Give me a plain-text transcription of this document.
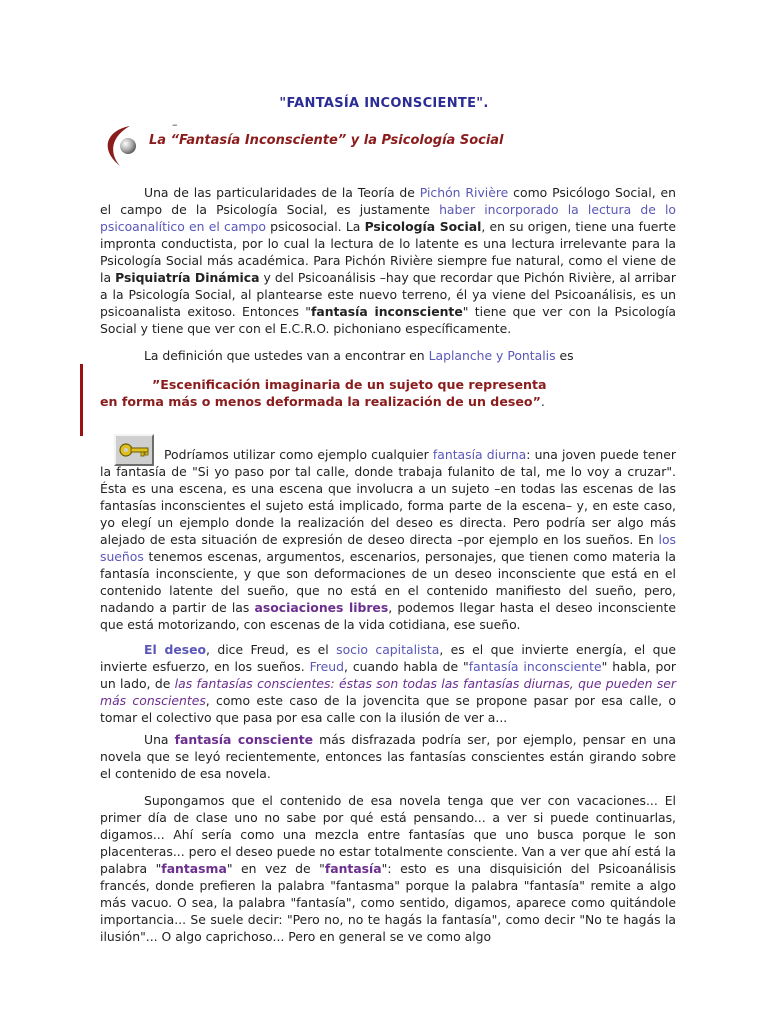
"FANTASÍA INCONSCIENTE".
–
La “Fantasía Inconsciente” y la Psicología Social

Una de las particularidades de la Teoría de Pichón Rivière como Psicólogo Social, en el campo de la Psicología Social, es justamente haber incorporado la lectura de lo psicoanalítico en el campo psicosocial. La Psicología Social, en su origen, tiene una fuerte impronta conductista, por lo cual la lectura de lo latente es una lectura irrelevante para la Psicología Social más académica. Para Pichón Rivière siempre fue natural, como el viene de la Psiquiatría Dinámica y del Psicoanálisis –hay que recordar que Pichón Rivière, al arribar a la Psicología Social, al plantearse este nuevo terreno, él ya viene del Psicoanálisis, es un psicoanalista exitoso. Entonces "fantasía inconsciente" tiene que ver con la Psicología Social y tiene que ver con el E.C.R.O. pichoniano específicamente.

La definición que ustedes van a encontrar en Laplanche y Pontalis es

”Escenificación imaginaria de un sujeto que representa
en forma más o menos deformada la realización de un deseo”.

Podríamos utilizar como ejemplo cualquier fantasía diurna: una joven puede tener la fantasía de "Si yo paso por tal calle, donde trabaja fulanito de tal, me lo voy a cruzar". Ésta es una escena, es una escena que involucra a un sujeto –en todas las escenas de las fantasías inconscientes el sujeto está implicado, forma parte de la escena– y, en este caso, yo elegí un ejemplo donde la realización del deseo es directa. Pero podría ser algo más alejado de esta situación de expresión de deseo directa –por ejemplo en los sueños. En los sueños tenemos escenas, argumentos, escenarios, personajes, que tienen como materia la fantasía inconsciente, y que son deformaciones de un deseo inconsciente que está en el contenido latente del sueño, que no está en el contenido manifiesto del sueño, pero, nadando a partir de las asociaciones libres, podemos llegar hasta el deseo inconsciente que está motorizando, con escenas de la vida cotidiana, ese sueño.

El deseo, dice Freud, es el socio capitalista, es el que invierte energía, el que invierte esfuerzo, en los sueños. Freud, cuando habla de "fantasía inconsciente" habla, por un lado, de las fantasías conscientes: éstas son todas las fantasías diurnas, que pueden ser más conscientes, como este caso de la jovencita que se propone pasar por esa calle, o tomar el colectivo que pasa por esa calle con la ilusión de ver a...

Una fantasía consciente más disfrazada podría ser, por ejemplo, pensar en una novela que se leyó recientemente, entonces las fantasías conscientes están girando sobre el contenido de esa novela.

Supongamos que el contenido de esa novela tenga que ver con vacaciones... El primer día de clase uno no sabe por qué está pensando... a ver si puede continuarlas, digamos... Ahí sería como una mezcla entre fantasías que uno busca porque le son placenteras... pero el deseo puede no estar totalmente consciente. Van a ver que ahí está la palabra "fantasma" en vez de "fantasía": esto es una disquisición del Psicoanálisis francés, donde prefieren la palabra "fantasma" porque la palabra "fantasía" remite a algo más vacuo. O sea, la palabra "fantasía", como sentido, digamos, aparece como quitándole importancia... Se suele decir: "Pero no, no te hagás la fantasía", como decir "No te hagás la ilusión"... O algo caprichoso... Pero en general se ve como algo
